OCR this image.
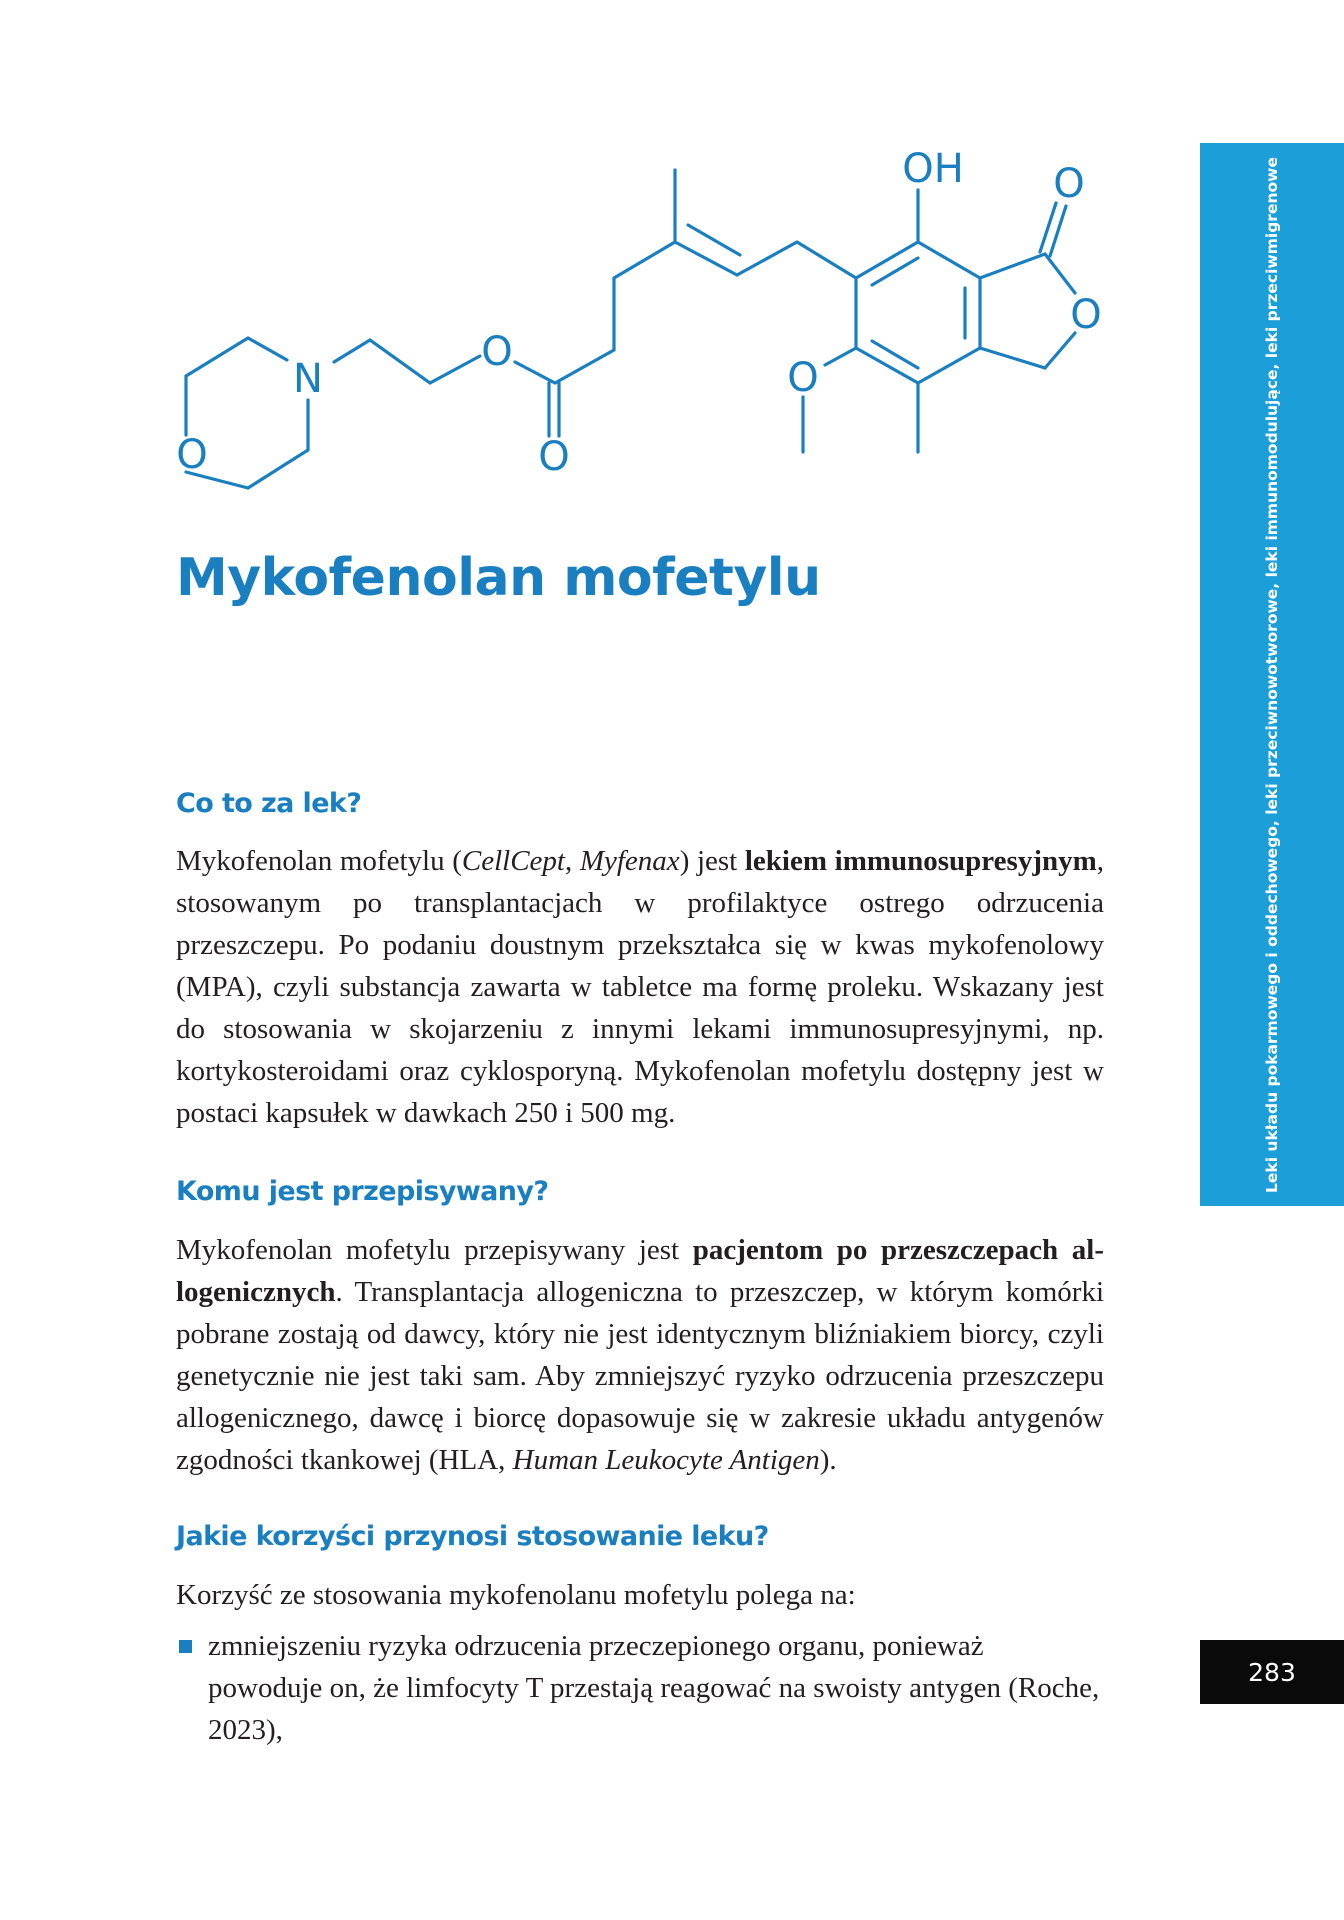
OH O
O
O
N
O
O
O
Mykofenolan mofetylu
Co to za lek?

Mykofenolan mofetylu (CellCept, Myfenax) jest lekiem immunosupresyjnym, stosowanym po transplantacjach w profilaktyce ostrego odrzucenia przeszczepu. Po podaniu doustnym przekształca się w kwas mykofenolowy (MPA), czyli substancja zawarta w tabletce ma formę proleku. Wskazany jest do stosowania w skojarzeniu z innymi lekami immunosupresyjnymi, np. kortykosteroidami oraz cyklosporyną. Mykofenolan mofetylu dostępny jest w postaci kapsułek w dawkach 250 i 500 mg.

Komu jest przepisywany?

Mykofenolan mofetylu przepisywany jest pacjentom po przeszczepach allogenicznych. Transplantacja allogeniczna to przeszczep, w którym komórki pobrane zostają od dawcy, który nie jest identycznym bliźniakiem biorcy, czyli genetycznie nie jest taki sam. Aby zmniejszyć ryzyko odrzucenia przeszczepu allogenicznego, dawcę i biorcę dopasowuje się w zakresie układu antygenów zgodności tkankowej (HLA, Human Leukocyte Antigen).

Jakie korzyści przynosi stosowanie leku?

Korzyść ze stosowania mykofenolanu mofetylu polega na:

zmniejszeniu ryzyka odrzucenia przeczepionego organu, ponieważ powoduje on, że limfocyty T przestają reagować na swoisty antygen (Roche, 2023),
Leki układu pokarmowego i oddechowego, leki przeciwnowotworowe, leki immunomodulujące, leki przeciwmigrenowe
283
